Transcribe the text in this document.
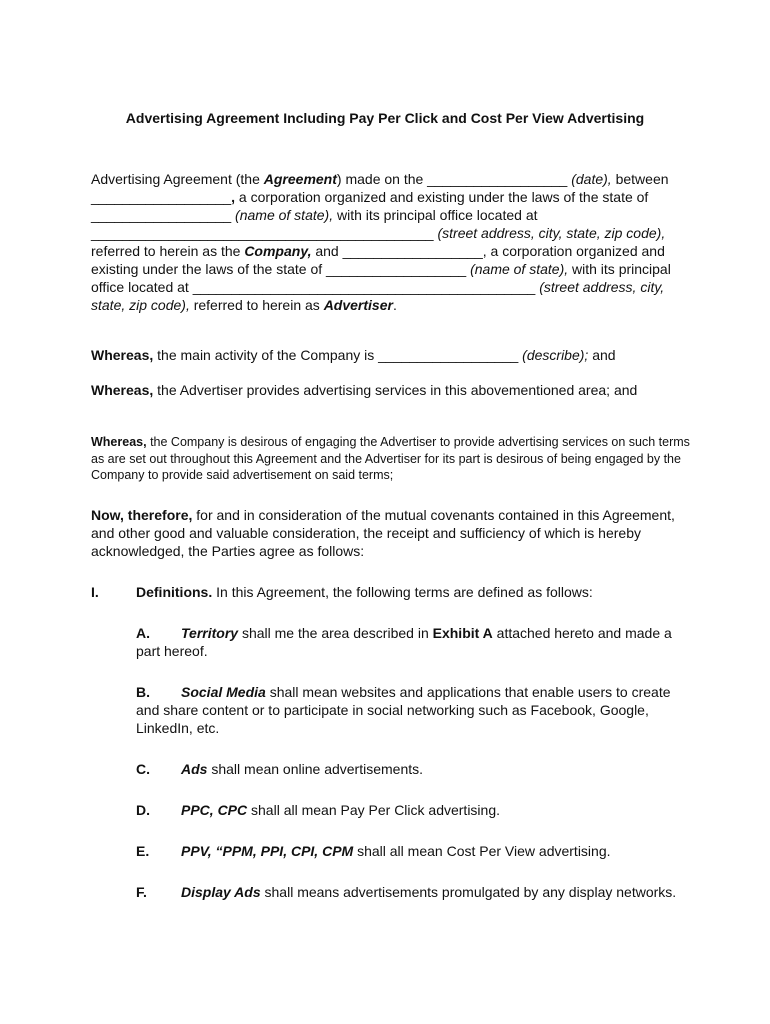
Advertising Agreement Including Pay Per Click and Cost Per View Advertising
Advertising Agreement (the Agreement) made on the __________________ (date), between __________________, a corporation organized and existing under the laws of the state of __________________ (name of state), with its principal office located at ____________________________________________ (street address, city, state, zip code), referred to herein as the Company, and __________________, a corporation organized and existing under the laws of the state of __________________ (name of state), with its principal office located at ____________________________________________ (street address, city, state, zip code), referred to herein as Advertiser.
Whereas, the main activity of the Company is __________________ (describe); and
Whereas, the Advertiser provides advertising services in this abovementioned area; and
Whereas, the Company is desirous of engaging the Advertiser to provide advertising services on such terms as are set out throughout this Agreement and the Advertiser for its part is desirous of being engaged by the Company to provide said advertisement on said terms;
Now, therefore, for and in consideration of the mutual covenants contained in this Agreement, and other good and valuable consideration, the receipt and sufficiency of which is hereby acknowledged, the Parties agree as follows:
I.	Definitions. In this Agreement, the following terms are defined as follows:
A. Territory shall me the area described in Exhibit A attached hereto and made a part hereof.
B. Social Media shall mean websites and applications that enable users to create and share content or to participate in social networking such as Facebook, Google, LinkedIn, etc.
C. Ads shall mean online advertisements.
D. PPC, CPC shall all mean Pay Per Click advertising.
E. PPV, “PPM, PPI, CPI, CPM shall all mean Cost Per View advertising.
F. Display Ads shall means advertisements promulgated by any display networks.
